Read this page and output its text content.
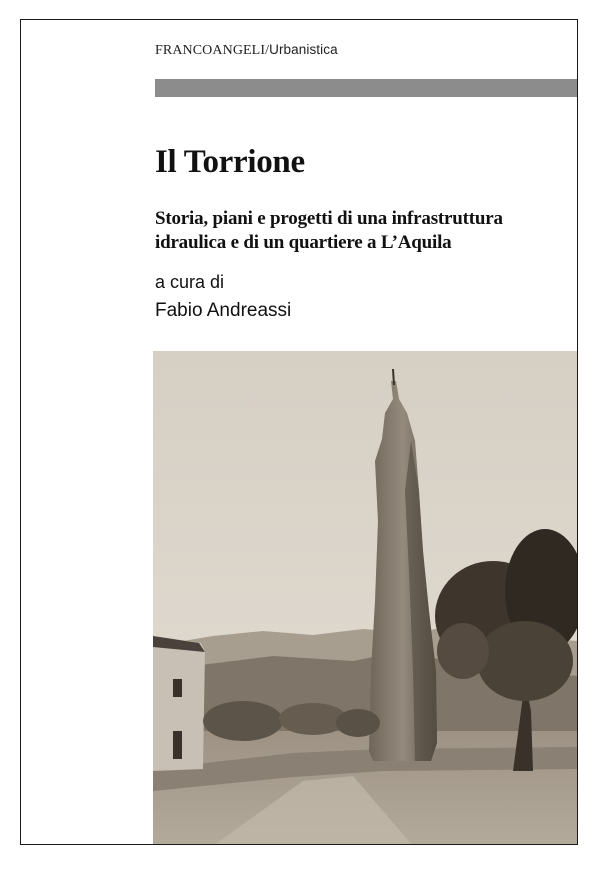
FRANCOANGELI/Urbanistica
Il Torrione
Storia, piani e progetti di una infrastruttura
idraulica e di un quartiere a L’Aquila
a cura di
Fabio Andreassi
